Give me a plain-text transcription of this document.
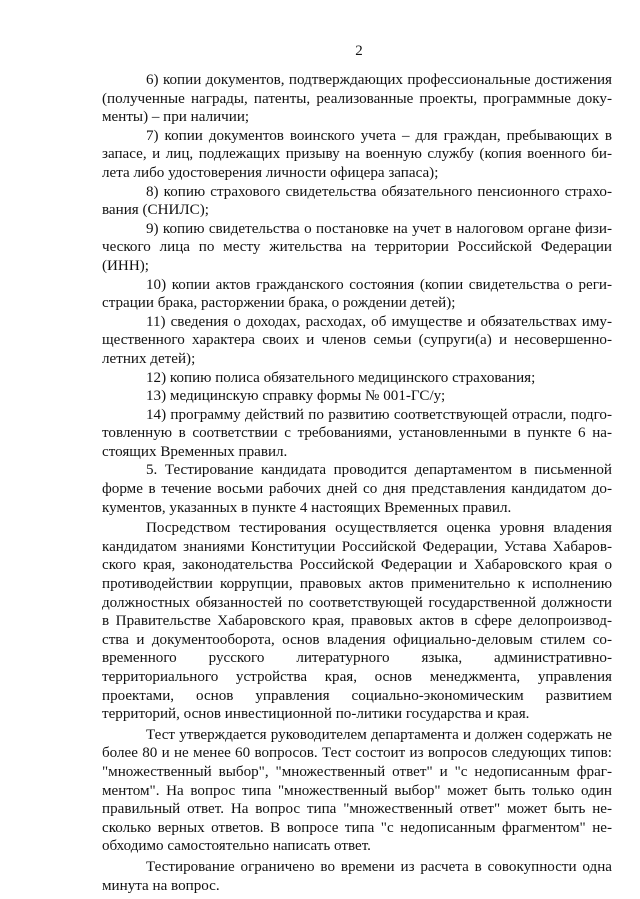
2

6) копии документов, подтверждающих профессиональные достижения (полученные награды, патенты, реализованные проекты, программные доку-менты) – при наличии;

7) копии документов воинского учета – для граждан, пребывающих в запасе, и лиц, подлежащих призыву на военную службу (копия военного би-лета либо удостоверения личности офицера запаса);

8) копию страхового свидетельства обязательного пенсионного страхо-вания (СНИЛС);

9) копию свидетельства о постановке на учет в налоговом органе физи-ческого лица по месту жительства на территории Российской Федерации (ИНН);

10) копии актов гражданского состояния (копии свидетельства о реги-страции брака, расторжении брака, о рождении детей);

11) сведения о доходах, расходах, об имуществе и обязательствах иму-щественного характера своих и членов семьи (супруги(а) и несовершенно-летних детей);

12) копию полиса обязательного медицинского страхования;

13) медицинскую справку формы № 001-ГС/у;

14) программу действий по развитию соответствующей отрасли, подго-товленную в соответствии с требованиями, установленными в пункте 6 на-стоящих Временных правил.

5. Тестирование кандидата проводится департаментом в письменной форме в течение восьми рабочих дней со дня представления кандидатом до-кументов, указанных в пункте 4 настоящих Временных правил.

Посредством тестирования осуществляется оценка уровня владения кандидатом знаниями Конституции Российской Федерации, Устава Хабаров-ского края, законодательства Российской Федерации и Хабаровского края о противодействии коррупции, правовых актов применительно к исполнению должностных обязанностей по соответствующей государственной должности в Правительстве Хабаровского края, правовых актов в сфере делопроизвод-ства и документооборота, основ владения официально-деловым стилем со-временного русского литературного языка, административно-территориального устройства края, основ менеджмента, управления проектами, основ управления социально-экономическим развитием территорий, основ инвестиционной по-литики государства и края.

Тест утверждается руководителем департамента и должен содержать не более 80 и не менее 60 вопросов. Тест состоит из вопросов следующих типов: "множественный выбор", "множественный ответ" и "с недописанным фраг-ментом". На вопрос типа "множественный выбор" может быть только один правильный ответ. На вопрос типа "множественный ответ" может быть не-сколько верных ответов. В вопросе типа "с недописанным фрагментом" не-обходимо самостоятельно написать ответ.

Тестирование ограничено во времени из расчета в совокупности одна минута на вопрос.
